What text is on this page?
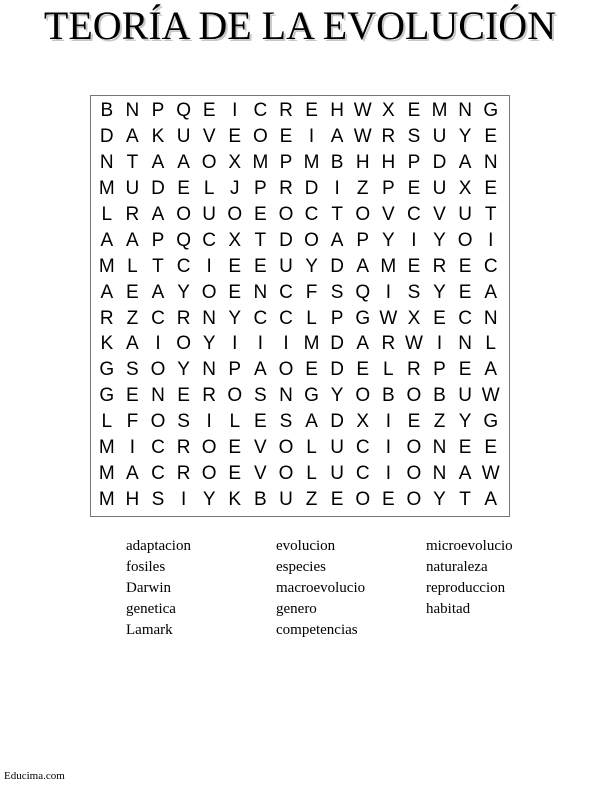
TEORÍA DE LA EVOLUCIÓN
B N P Q E I C R E H W X E M N G
D A K U V E O E I A W R S U Y E
N T A A O X M P M B H H P D A N
M U D E L J P R D I Z P E U X E
L R A O U O E O C T O V C V U T
A A P Q C X T D O A P Y I Y O I
M L T C I E E U Y D A M E R E C
A E A Y O E N C F S Q I S Y E A
R Z C R N Y C C L P G W X E C N
K A I O Y I	I	I M D A R W I N L
G S O Y N P A O E D E L R P E A
G E N E R O S N G Y O B O B U W
L F O S I L E S A D X I E Z Y G
M I C R O E V O L U C I O N E E
M A C R O E V O L U C I O N A W
M H S I Y K B U Z E O E O Y T A
adaptacion	evolucion	microevolucio
fosiles	especies	naturaleza
Darwin	macroevolucio	reproduccion
genetica	genero	habitad
Lamark	competencias
Educima.com
